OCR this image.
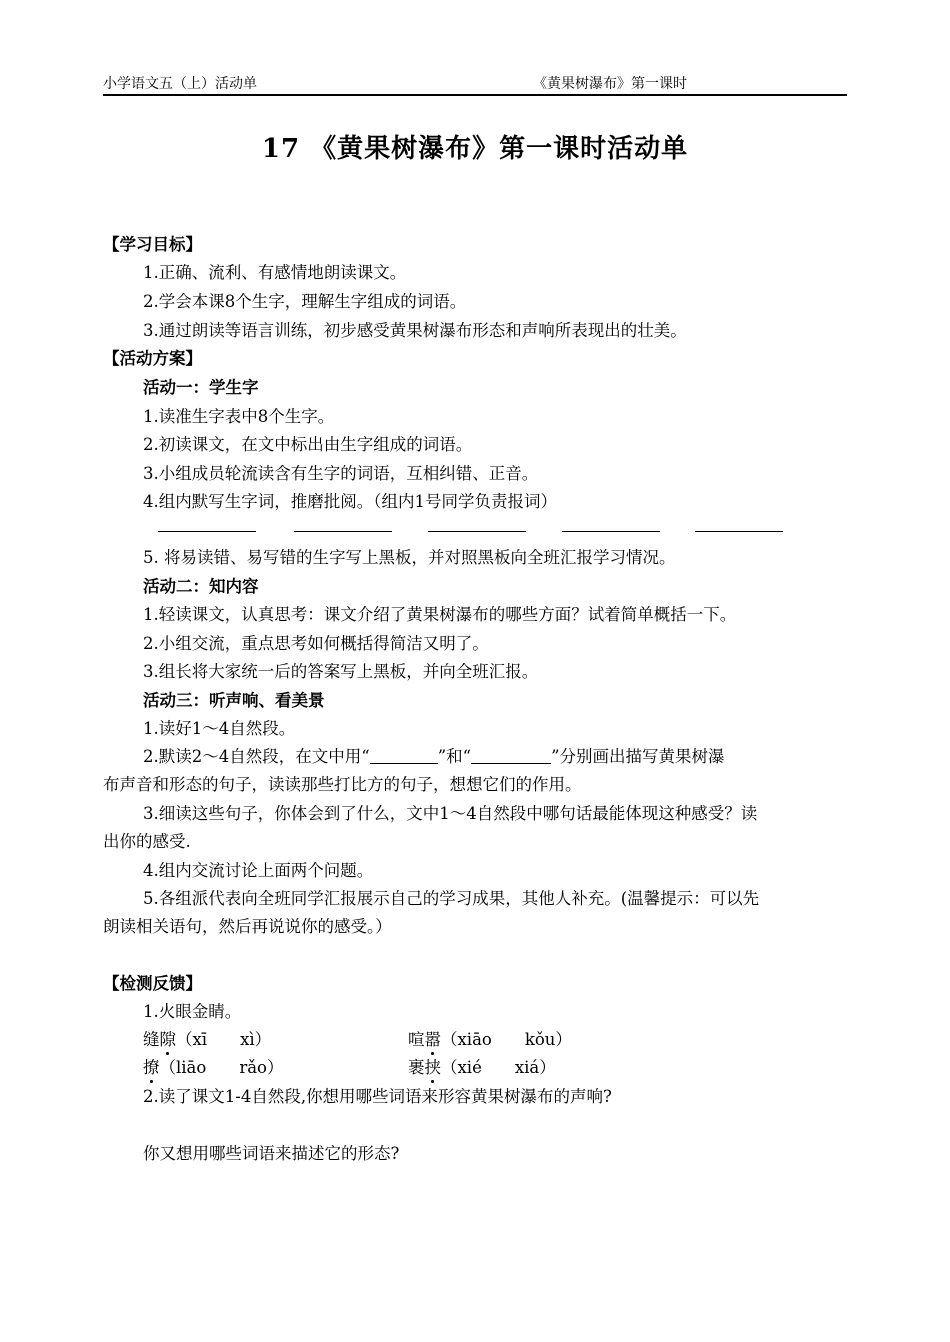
小学语文五（上）活动单	《黄果树瀑布》第一课时
17 《黄果树瀑布》第一课时活动单
【学习目标】
1.正确、流利、有感情地朗读课文。
2.学会本课8个生字，理解生字组成的词语。
3.通过朗读等语言训练，初步感受黄果树瀑布形态和声响所表现出的壮美。
【活动方案】
活动一：学生字
1.读准生字表中8个生字。
2.初读课文，在文中标出由生字组成的词语。
3.小组成员轮流读含有生字的词语，互相纠错、正音。
4.组内默写生字词，推磨批阅。（组内1号同学负责报词）
5. 将易读错、易写错的生字写上黑板，并对照黑板向全班汇报学习情况。
活动二：知内容
1.轻读课文，认真思考：课文介绍了黄果树瀑布的哪些方面？试着简单概括一下。
2.小组交流，重点思考如何概括得简洁又明了。
3.组长将大家统一后的答案写上黑板，并向全班汇报。
活动三：听声响、看美景
1.读好1～4自然段。
2.默读2～4自然段，在文中用“	”和“	”分别画出描写黄果树瀑
布声音和形态的句子，读读那些打比方的句子，想想它们的作用。
3.细读这些句子，你体会到了什么，文中1～4自然段中哪句话最能体现这种感受？读
出你的感受.
4.组内交流讨论上面两个问题。
5.各组派代表向全班同学汇报展示自己的学习成果，其他人补充。(温馨提示：可以先
朗读相关语句，然后再说说你的感受。）
【检测反馈】
1.火眼金睛。
缝隙（xī　　xì）	喧嚣（xiāo　　kǒu）
撩（liāo　　rǎo）	裹挟（xié　　xiá）
2.读了课文1-4自然段,你想用哪些词语来形容黄果树瀑布的声响?
你又想用哪些词语来描述它的形态?
